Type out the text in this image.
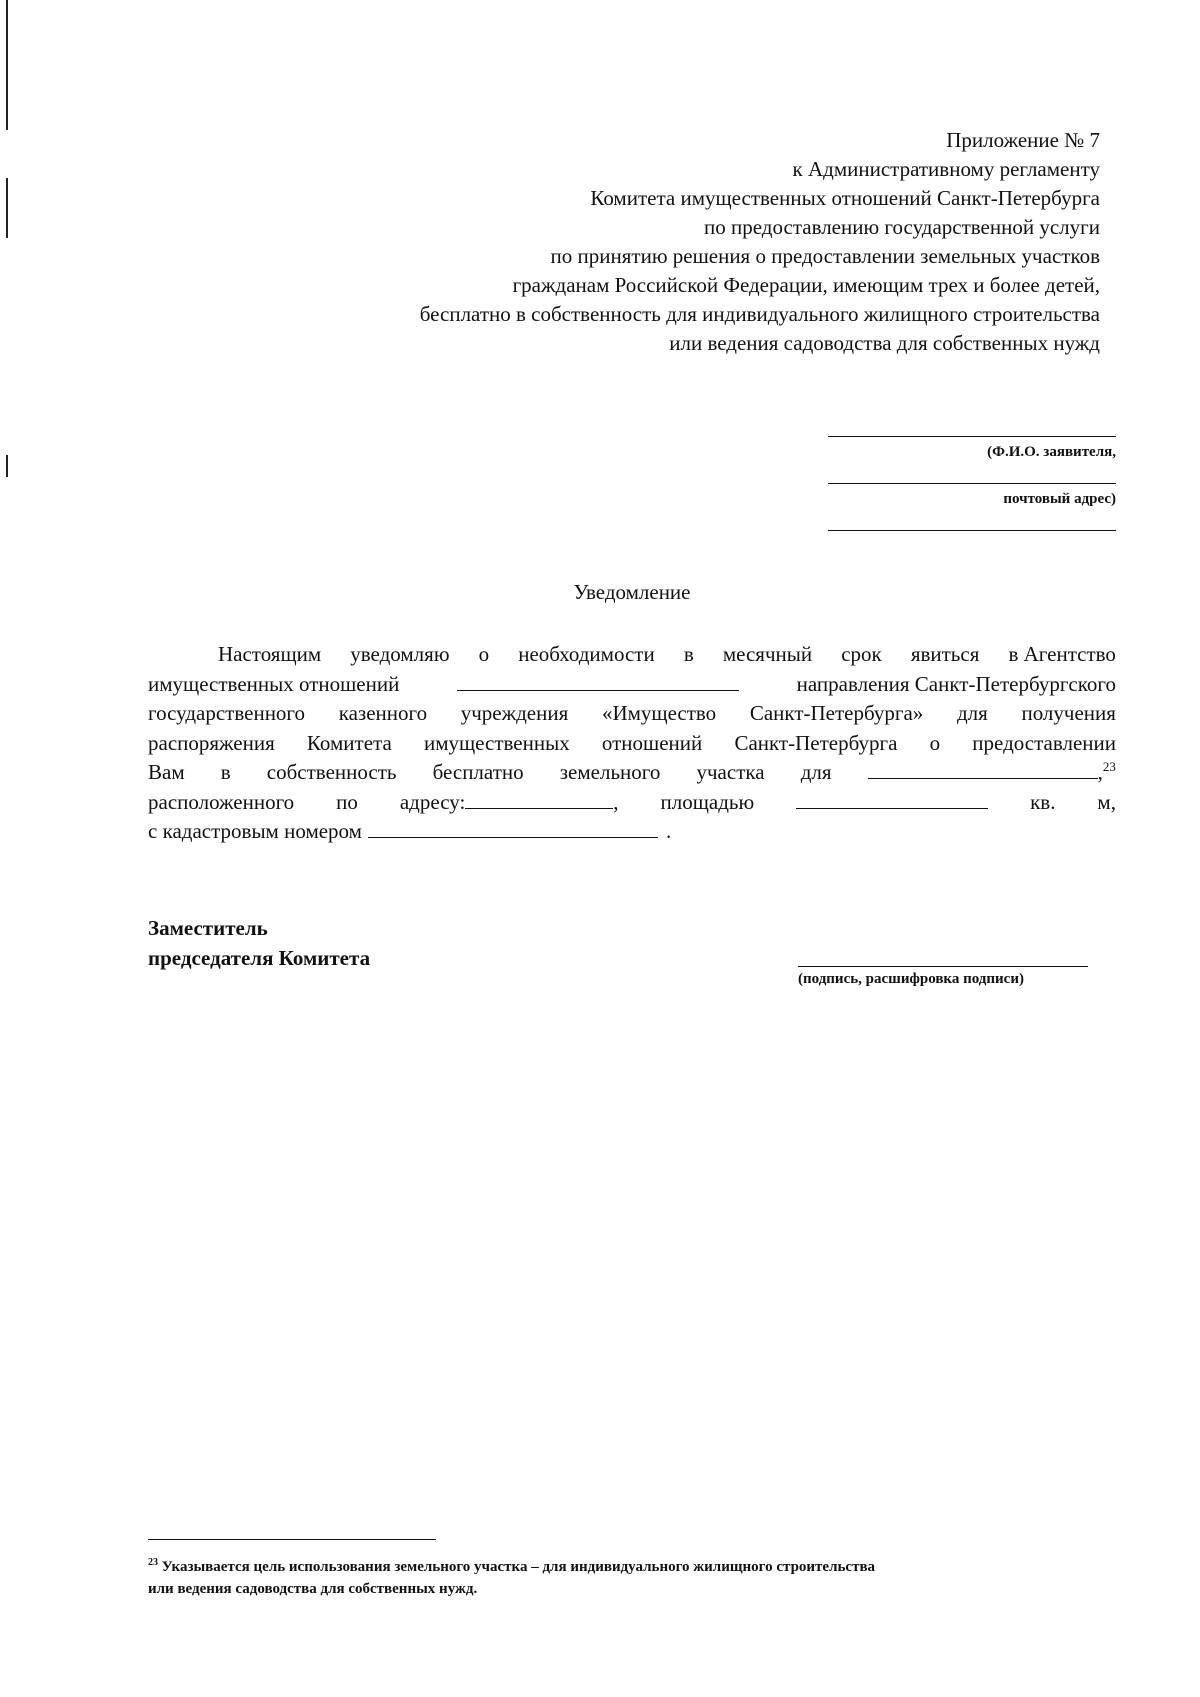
Приложение № 7
к Административному регламенту
Комитета имущественных отношений Санкт-Петербурга
по предоставлению государственной услуги
по принятию решения о предоставлении земельных участков
гражданам Российской Федерации, имеющим трех и более детей,
бесплатно в собственность для индивидуального жилищного строительства
или ведения садоводства для собственных нужд
(Ф.И.О. заявителя,
почтовый адрес)
Уведомление
Настоящим уведомляю о необходимости в месячный срок явиться в Агентство
имущественных отношений	направления Санкт-Петербургского
государственного казенного учреждения «Имущество Санкт-Петербурга» для получения
распоряжения Комитета имущественных отношений Санкт-Петербурга о предоставлении
Вам в собственность бесплатно земельного участка для	,$^{23}$
расположенного по адресу:	, площадью	кв. м,
с кадастровым номером	.
Заместитель
председателя Комитета
(подпись, расшифровка подписи)
$^{23}$ Указывается цель использования земельного участка – для индивидуального жилищного строительства
или ведения садоводства для собственных нужд.
